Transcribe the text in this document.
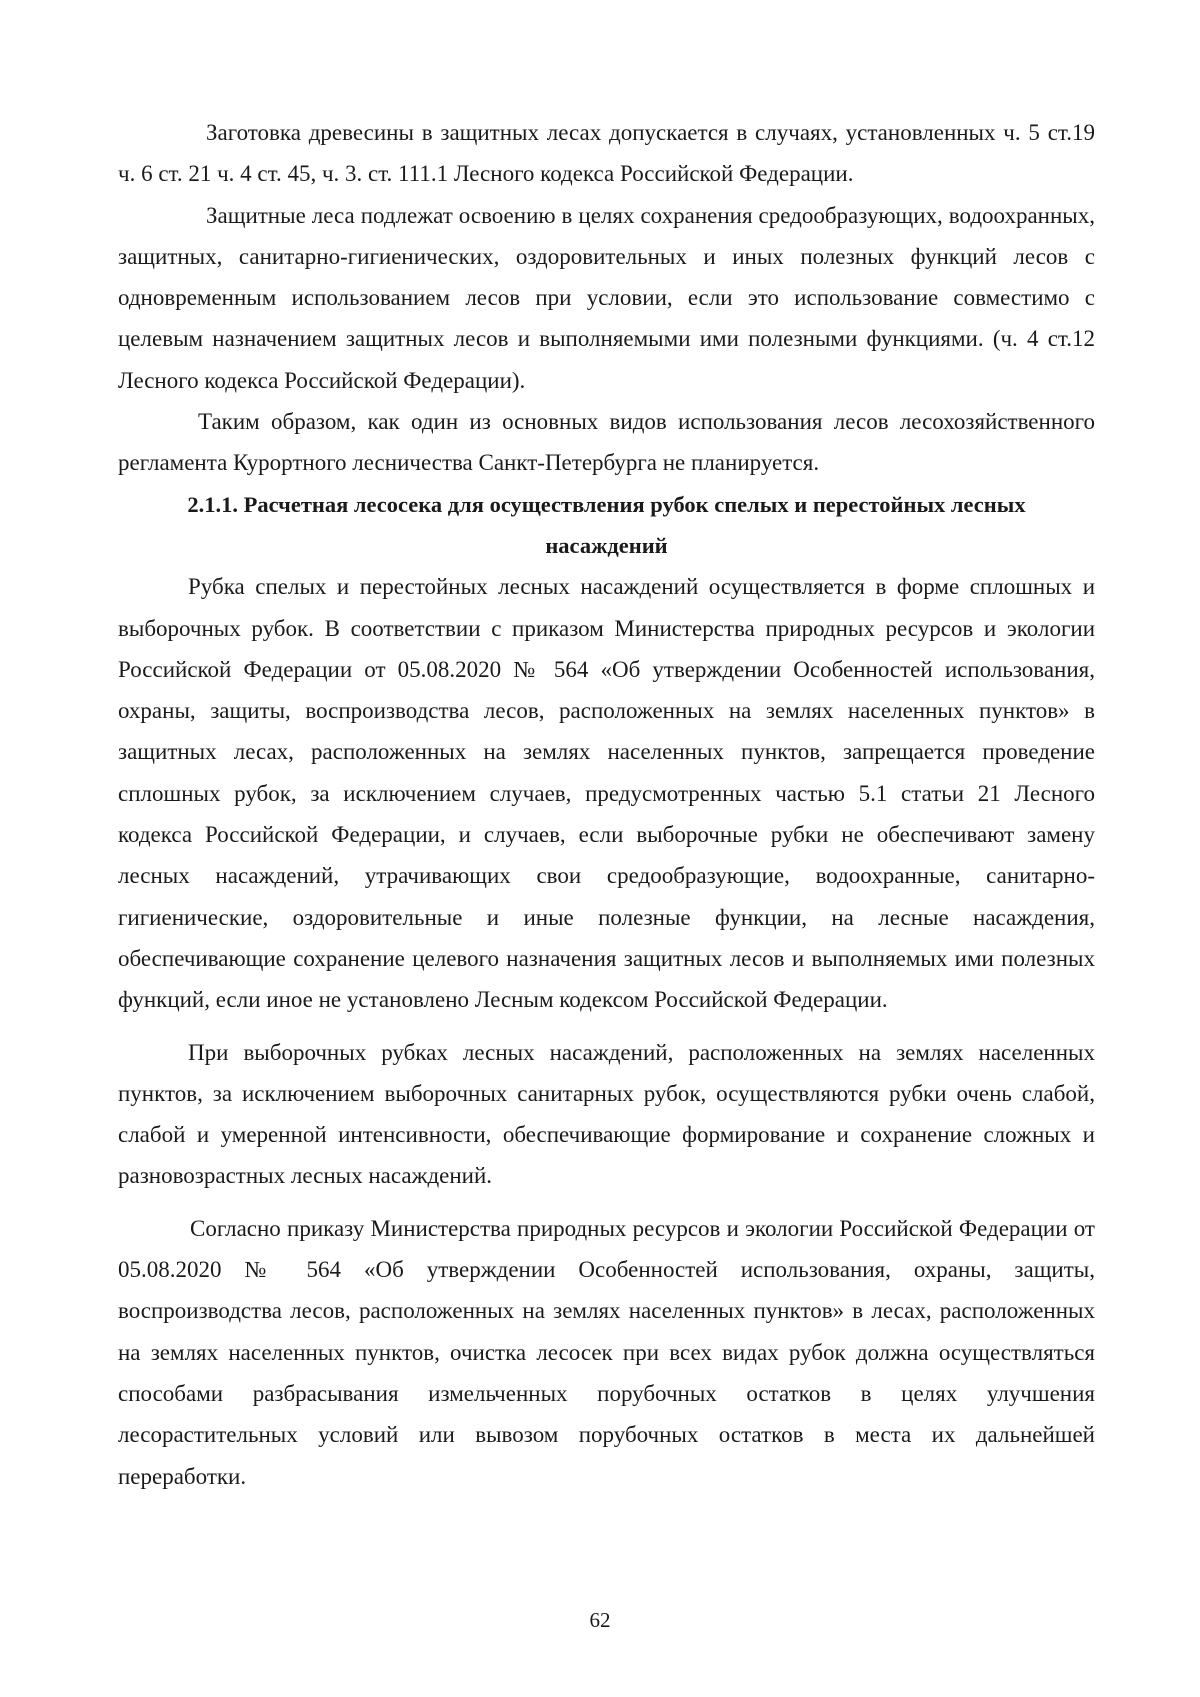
Заготовка древесины в защитных лесах допускается в случаях, установленных ч. 5 ст.19 ч. 6 ст. 21 ч. 4 ст. 45, ч. 3. ст. 111.1 Лесного кодекса Российской Федерации.

Защитные леса подлежат освоению в целях сохранения средообразующих, водоохранных, защитных, санитарно-гигиенических, оздоровительных и иных полезных функций лесов с одновременным использованием лесов при условии, если это использование совместимо с целевым назначением защитных лесов и выполняемыми ими полезными функциями. (ч. 4 ст.12 Лесного кодекса Российской Федерации).

Таким образом, как один из основных видов использования лесов лесохозяйственного регламента Курортного лесничества Санкт-Петербурга не планируется.

2.1.1. Расчетная лесосека для осуществления рубок спелых и перестойных лесных насаждений

Рубка спелых и перестойных лесных насаждений осуществляется в форме сплошных и выборочных рубок. В соответствии с приказом Министерства природных ресурсов и экологии Российской Федерации от 05.08.2020 № 564 «Об утверждении Особенностей использования, охраны, защиты, воспроизводства лесов, расположенных на землях населенных пунктов» в защитных лесах, расположенных на землях населенных пунктов, запрещается проведение сплошных рубок, за исключением случаев, предусмотренных частью 5.1 статьи 21 Лесного кодекса Российской Федерации, и случаев, если выборочные рубки не обеспечивают замену лесных насаждений, утрачивающих свои средообразующие, водоохранные, санитарно-гигиенические, оздоровительные и иные полезные функции, на лесные насаждения, обеспечивающие сохранение целевого назначения защитных лесов и выполняемых ими полезных функций, если иное не установлено Лесным кодексом Российской Федерации.

При выборочных рубках лесных насаждений, расположенных на землях населенных пунктов, за исключением выборочных санитарных рубок, осуществляются рубки очень слабой, слабой и умеренной интенсивности, обеспечивающие формирование и сохранение сложных и разновозрастных лесных насаждений.

Согласно приказу Министерства природных ресурсов и экологии Российской Федерации от 05.08.2020 № 564 «Об утверждении Особенностей использования, охраны, защиты, воспроизводства лесов, расположенных на землях населенных пунктов» в лесах, расположенных на землях населенных пунктов, очистка лесосек при всех видах рубок должна осуществляться способами разбрасывания измельченных порубочных остатков в целях улучшения лесорастительных условий или вывозом порубочных остатков в места их дальнейшей переработки.

62
